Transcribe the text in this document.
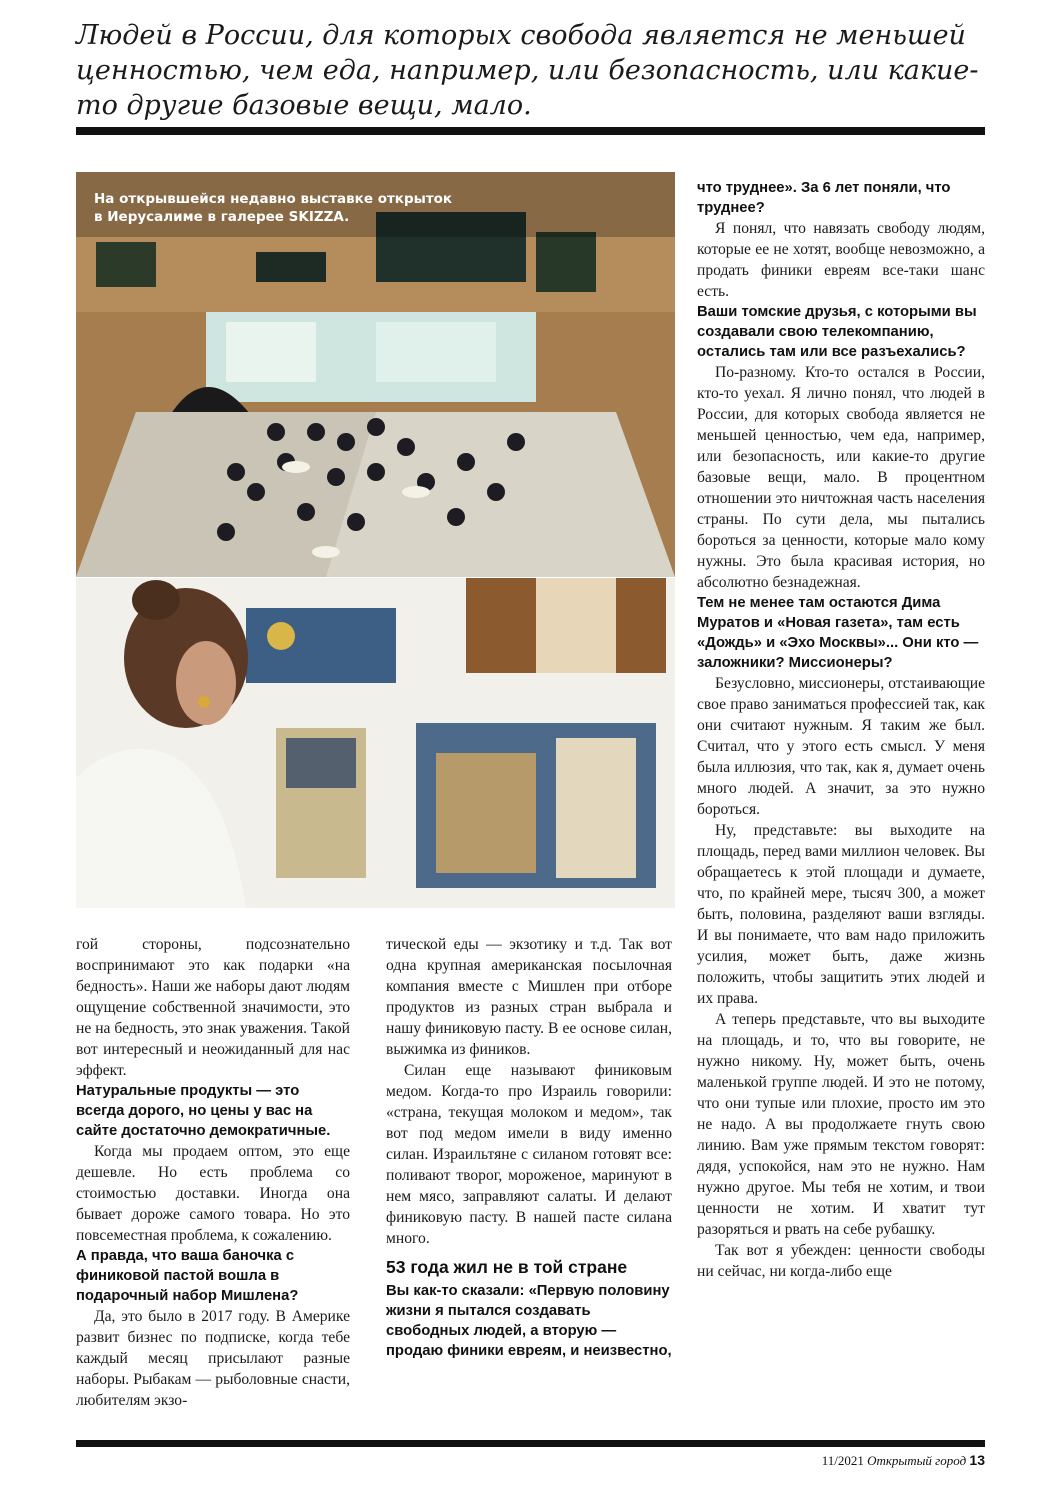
Людей в России, для которых свобода является не меньшей ценностью, чем еда, например, или безопасность, или какие-то другие базовые вещи, мало.

На открывшейся недавно выставке открыток
в Иерусалиме в галерее SKIZZA.

гой стороны, подсознательно воспринимают это как подарки «на бедность». Наши же наборы дают людям ощущение собственной значимости, это не на бедность, это знак уважения. Такой вот интересный и неожиданный для нас эффект.

Натуральные продукты — это всегда дорого, но цены у вас на сайте достаточно демократичные.

Когда мы продаем оптом, это еще дешевле. Но есть проблема со стоимостью доставки. Иногда она бывает дороже самого товара. Но это повсеместная проблема, к сожалению.

А правда, что ваша баночка с финиковой пастой вошла в подарочный набор Мишлена?

Да, это было в 2017 году. В Америке развит бизнес по подписке, когда тебе каждый месяц присылают разные наборы. Рыбакам — рыболовные снасти, любителям экзо-

тической еды — экзотику и т.д. Так вот одна крупная американская посылочная компания вместе с Мишлен при отборе продуктов из разных стран выбрала и нашу финиковую пасту. В ее основе силан, выжимка из фиников.

Силан еще называют финиковым медом. Когда-то про Израиль говорили: «страна, текущая молоком и медом», так вот под медом имели в виду именно силан. Израильтяне с силаном готовят все: поливают творог, мороженое, маринуют в нем мясо, заправляют салаты. И делают финиковую пасту. В нашей пасте силана много.

53 года жил не в той стране

Вы как-то сказали: «Первую половину жизни я пытался создавать свободных людей, а вторую — продаю финики евреям, и неизвестно,

что труднее». За 6 лет поняли, что труднее?

Я понял, что навязать свободу людям, которые ее не хотят, вообще невозможно, а продать финики евреям все-таки шанс есть.

Ваши томские друзья, с которыми вы создавали свою телекомпанию, остались там или все разъехались?

По-разному. Кто-то остался в России, кто-то уехал. Я лично понял, что людей в России, для которых свобода является не меньшей ценностью, чем еда, например, или безопасность, или какие-то другие базовые вещи, мало. В процентном отношении это ничтожная часть населения страны. По сути дела, мы пытались бороться за ценности, которые мало кому нужны. Это была красивая история, но абсолютно безнадежная.

Тем не менее там остаются Дима Муратов и «Новая газета», там есть «Дождь» и «Эхо Москвы»... Они кто — заложники? Миссионеры?

Безусловно, миссионеры, отстаивающие свое право заниматься профессией так, как они считают нужным. Я таким же был. Считал, что у этого есть смысл. У меня была иллюзия, что так, как я, думает очень много людей. А значит, за это нужно бороться.

Ну, представьте: вы выходите на площадь, перед вами миллион человек. Вы обращаетесь к этой площади и думаете, что, по крайней мере, тысяч 300, а может быть, половина, разделяют ваши взгляды. И вы понимаете, что вам надо приложить усилия, может быть, даже жизнь положить, чтобы защитить этих людей и их права.

А теперь представьте, что вы выходите на площадь, и то, что вы говорите, не нужно никому. Ну, может быть, очень маленькой группе людей. И это не потому, что они тупые или плохие, просто им это не надо. А вы продолжаете гнуть свою линию. Вам уже прямым текстом говорят: дядя, успокойся, нам это не нужно. Нам нужно другое. Мы тебя не хотим, и твои ценности не хотим. И хватит тут разоряться и рвать на себе рубашку.

Так вот я убежден: ценности свободы ни сейчас, ни когда-либо еще

11/2021 Открытый город 13
